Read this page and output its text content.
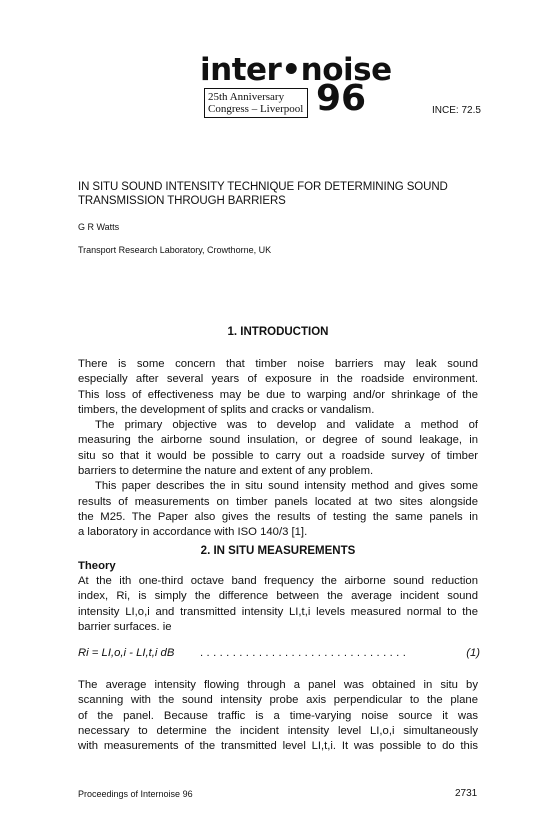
inter•noise
25th Anniversary
Congress – Liverpool 96	INCE: 72.5
IN SITU SOUND INTENSITY TECHNIQUE FOR DETERMINING SOUND
TRANSMISSION THROUGH BARRIERS
G R Watts
Transport Research Laboratory, Crowthorne, UK
1. INTRODUCTION
There is some concern that timber noise barriers may leak sound
especially after several years of exposure in the roadside environment.
This loss of effectiveness may be due to warping and/or shrinkage of the
timbers, the development of splits and cracks or vandalism.
The primary objective was to develop and validate a method of
measuring the airborne sound insulation, or degree of sound leakage, in
situ so that it would be possible to carry out a roadside survey of timber
barriers to determine the nature and extent of any problem.
This paper describes the in situ sound intensity method and gives some
results of measurements on timber panels located at two sites alongside
the M25. The Paper also gives the results of testing the same panels in
a laboratory in accordance with ISO 140/3 [1].
2. IN SITU MEASUREMENTS
Theory
At the ith one-third octave band frequency the airborne sound reduction
index, Ri, is simply the difference between the average incident sound
intensity LI,o,i and transmitted intensity LI,t,i levels measured normal to the
barrier surfaces. ie
Ri = LI,o,i - LI,t,i dB	................................	(1)
The average intensity flowing through a panel was obtained in situ by
scanning with the sound intensity probe axis perpendicular to the plane
of the panel. Because traffic is a time-varying noise source it was
necessary to determine the incident intensity level LI,o,i simultaneously
with measurements of the transmitted level LI,t,i. It was possible to do this
Proceedings of Internoise 96	2731
